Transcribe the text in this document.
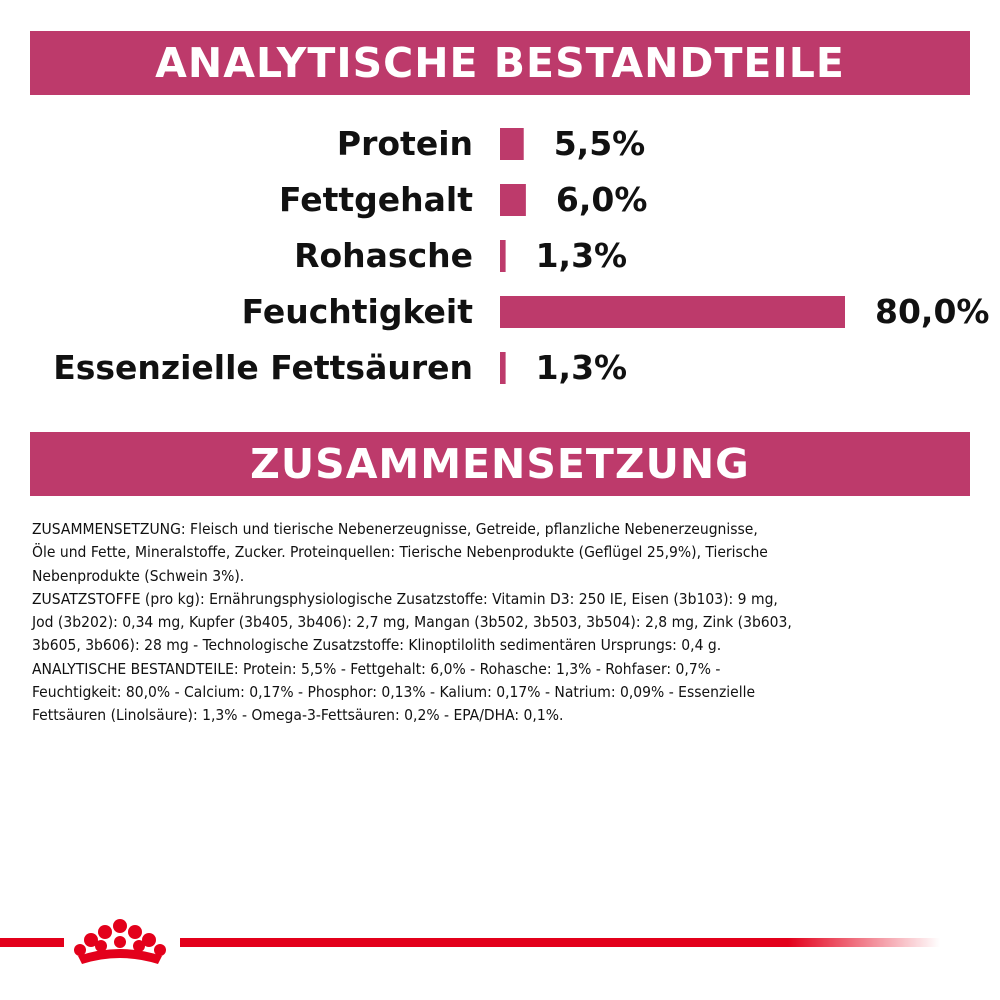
ANALYTISCHE BESTANDTEILE
Protein 5,5%
Fettgehalt	6,0%
Rohasche 1,3%
Feuchtigkeit	80,0%
Essenzielle Fettsäuren 1,3%
ZUSAMMENSETZUNG

ZUSAMMENSETZUNG: Fleisch und tierische Nebenerzeugnisse, Getreide, pflanzliche Nebenerzeugnisse,

Öle und Fette, Mineralstoffe, Zucker. Proteinquellen: Tierische Nebenprodukte (Geflügel 25,9%), Tierische

Nebenprodukte (Schwein 3%).

ZUSATZSTOFFE (pro kg): Ernährungsphysiologische Zusatzstoffe: Vitamin D3: 250 IE, Eisen (3b103): 9 mg,

Jod (3b202): 0,34 mg, Kupfer (3b405, 3b406): 2,7 mg, Mangan (3b502, 3b503, 3b504): 2,8 mg, Zink (3b603,

3b605, 3b606): 28 mg - Technologische Zusatzstoffe: Klinoptilolith sedimentären Ursprungs: 0,4 g.

ANALYTISCHE BESTANDTEILE: Protein: 5,5% - Fettgehalt: 6,0% - Rohasche: 1,3% - Rohfaser: 0,7% -

Feuchtigkeit: 80,0% - Calcium: 0,17% - Phosphor: 0,13% - Kalium: 0,17% - Natrium: 0,09% - Essenzielle

Fettsäuren (Linolsäure): 1,3% - Omega-3-Fettsäuren: 0,2% - EPA/DHA: 0,1%.
